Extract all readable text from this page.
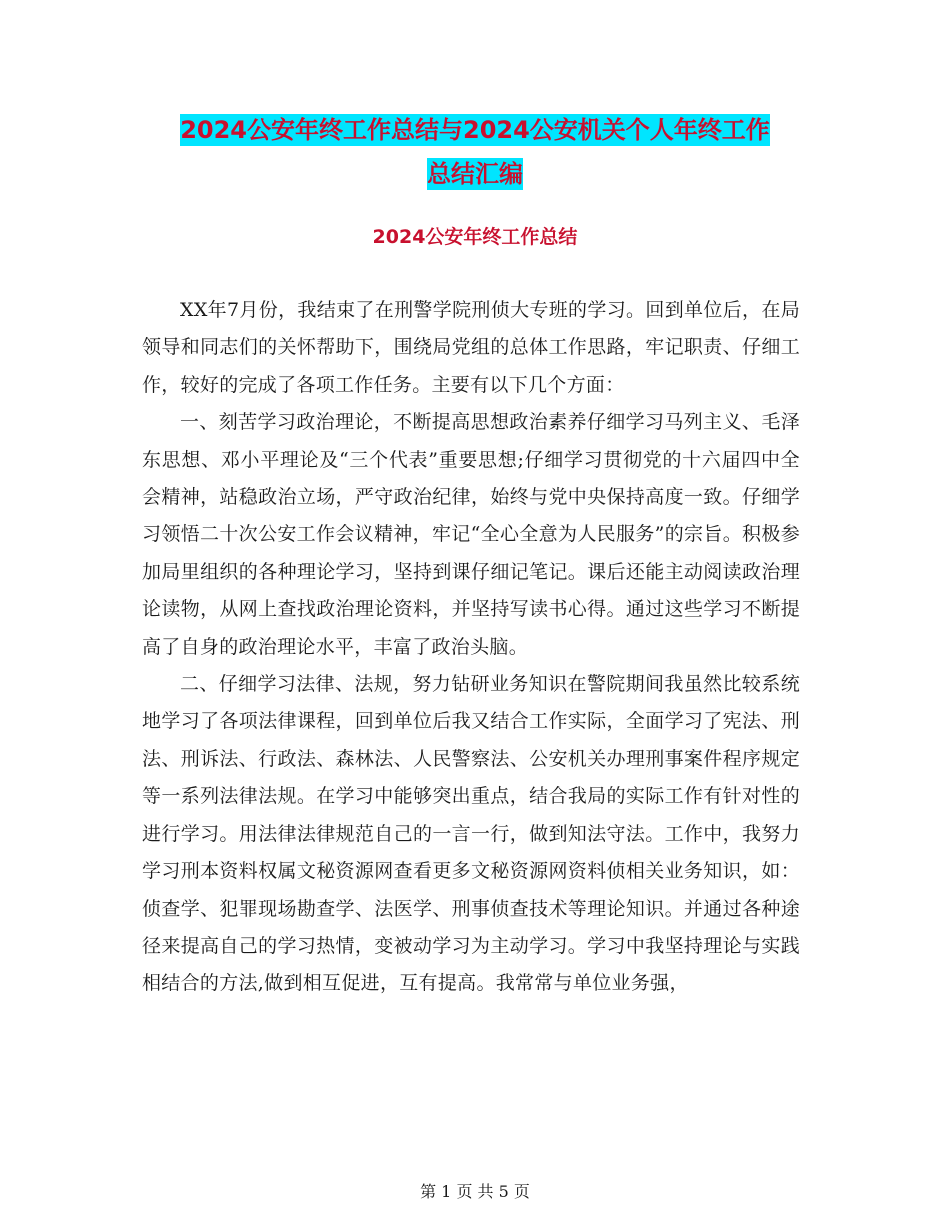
2024公安年终工作总结与2024公安机关个人年终工作
总结汇编
2024公安年终工作总结

XX年7月份，我结束了在刑警学院刑侦大专班的学习。回到单位后，在局领导和同志们的关怀帮助下，围绕局党组的总体工作思路，牢记职责、仔细工作，较好的完成了各项工作任务。主要有以下几个方面：

一、刻苦学习政治理论，不断提高思想政治素养仔细学习马列主义、毛泽东思想、邓小平理论及“三个代表”重要思想;仔细学习贯彻党的十六届四中全会精神，站稳政治立场，严守政治纪律，始终与党中央保持高度一致。仔细学习领悟二十次公安工作会议精神，牢记“全心全意为人民服务”的宗旨。积极参加局里组织的各种理论学习，坚持到课仔细记笔记。课后还能主动阅读政治理论读物，从网上查找政治理论资料，并坚持写读书心得。通过这些学习不断提高了自身的政治理论水平，丰富了政治头脑。

二、仔细学习法律、法规，努力钻研业务知识在警院期间我虽然比较系统地学习了各项法律课程，回到单位后我又结合工作实际，全面学习了宪法、刑法、刑诉法、行政法、森林法、人民警察法、公安机关办理刑事案件程序规定等一系列法律法规。在学习中能够突出重点，结合我局的实际工作有针对性的进行学习。用法律法律规范自己的一言一行，做到知法守法。工作中，我努力学习刑本资料权属文秘资源网查看更多文秘资源网资料侦相关业务知识，如：侦查学、犯罪现场勘查学、法医学、刑事侦查技术等理论知识。并通过各种途径来提高自己的学习热情，变被动学习为主动学习。学习中我坚持理论与实践相结合的方法,做到相互促进，互有提高。我常常与单位业务强，

第 1 页 共 5 页
